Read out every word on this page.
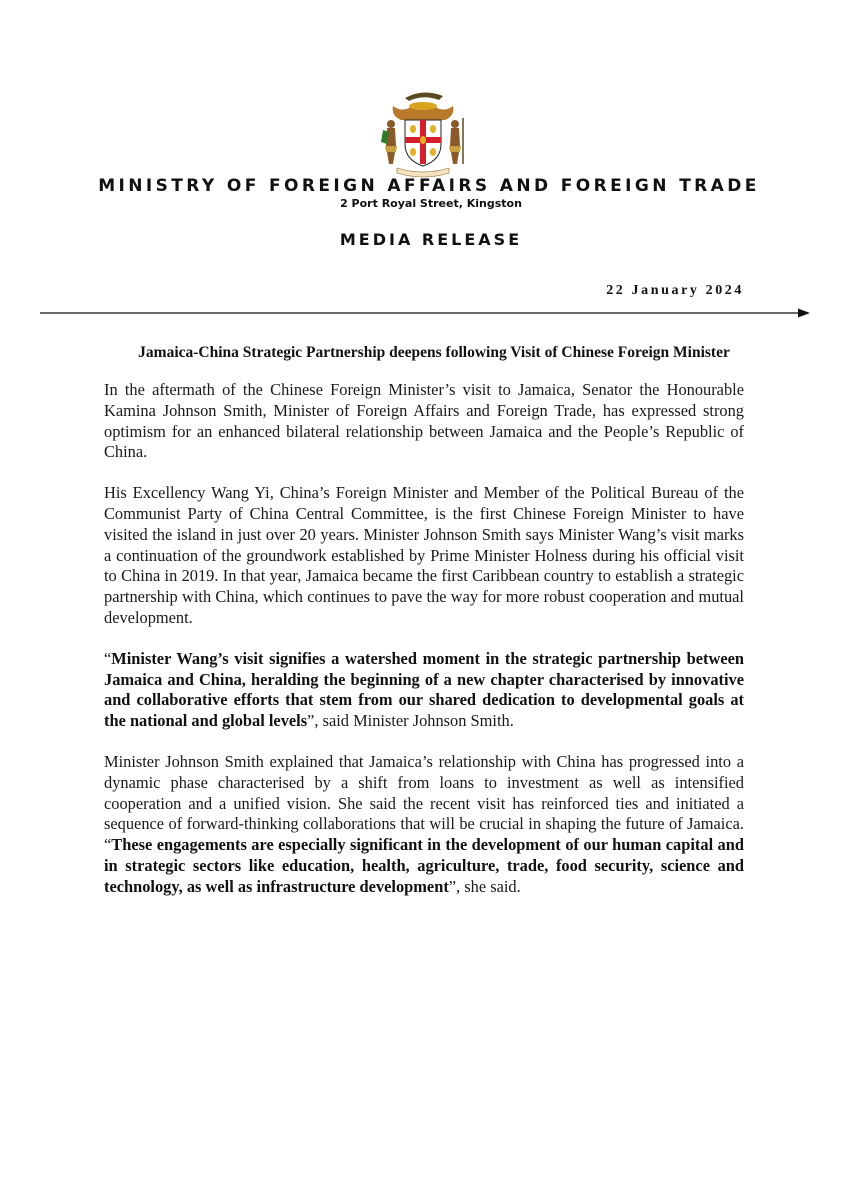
MINISTRY OF FOREIGN AFFAIRS AND FOREIGN TRADE
2 Port Royal Street, Kingston
MEDIA RELEASE
22 January 2024
Jamaica-China Strategic Partnership deepens following Visit of Chinese Foreign Minister

In the aftermath of the Chinese Foreign Minister’s visit to Jamaica, Senator the Honourable Kamina Johnson Smith, Minister of Foreign Affairs and Foreign Trade, has expressed strong optimism for an enhanced bilateral relationship between Jamaica and the People’s Republic of China.

His Excellency Wang Yi, China’s Foreign Minister and Member of the Political Bureau of the Communist Party of China Central Committee, is the first Chinese Foreign Minister to have visited the island in just over 20 years. Minister Johnson Smith says Minister Wang’s visit marks a continuation of the groundwork established by Prime Minister Holness during his official visit to China in 2019. In that year, Jamaica became the first Caribbean country to establish a strategic partnership with China, which continues to pave the way for more robust cooperation and mutual development.

“Minister Wang’s visit signifies a watershed moment in the strategic partnership between Jamaica and China, heralding the beginning of a new chapter characterised by innovative and collaborative efforts that stem from our shared dedication to developmental goals at the national and global levels”, said Minister Johnson Smith.

Minister Johnson Smith explained that Jamaica’s relationship with China has progressed into a dynamic phase characterised by a shift from loans to investment as well as intensified cooperation and a unified vision. She said the recent visit has reinforced ties and initiated a sequence of forward-thinking collaborations that will be crucial in shaping the future of Jamaica. “These engagements are especially significant in the development of our human capital and in strategic sectors like education, health, agriculture, trade, food security, science and technology, as well as infrastructure development”, she said.
